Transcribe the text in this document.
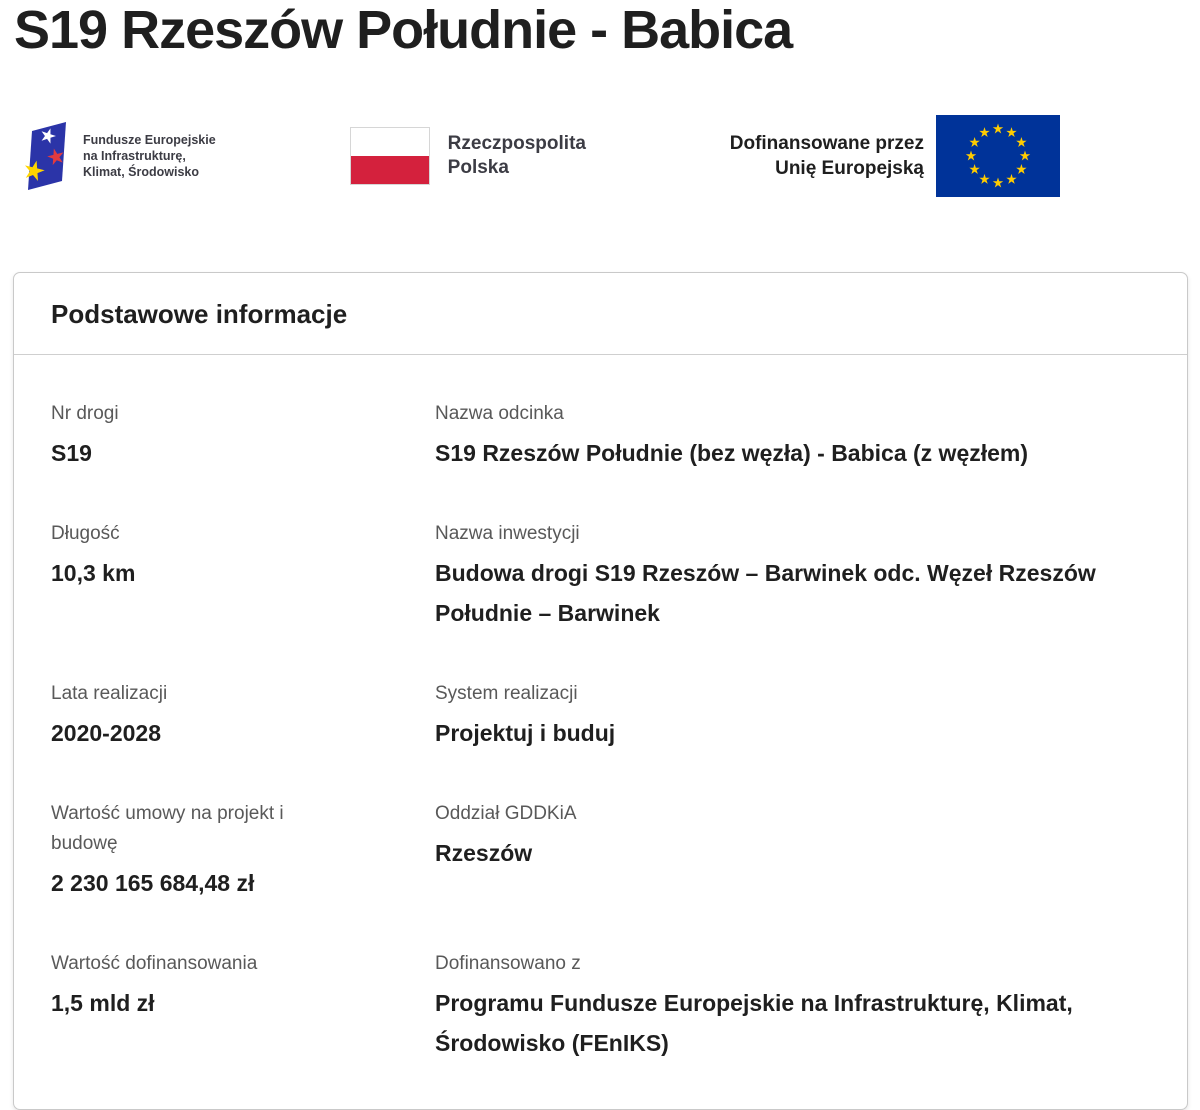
S19 Rzeszów Południe - Babica
Fundusze Europejskie
na Infrastrukturę,
Klimat, Środowisko
Rzeczpospolita
Polska
Dofinansowane przez
Unię Europejską
Podstawowe informacje
Nr drogi
S19
Nazwa odcinka
S19 Rzeszów Południe (bez węzła) - Babica (z węzłem)
Długość
10,3 km
Nazwa inwestycji
Budowa drogi S19 Rzeszów – Barwinek odc. Węzeł Rzeszów Południe – Barwinek
Lata realizacji
2020-2028
System realizacji
Projektuj i buduj
Wartość umowy na projekt i budowę
2 230 165 684,48 zł
Oddział GDDKiA
Rzeszów
Wartość dofinansowania
1,5 mld zł
Dofinansowano z
Programu Fundusze Europejskie na Infrastrukturę, Klimat, Środowisko (FEnIKS)
